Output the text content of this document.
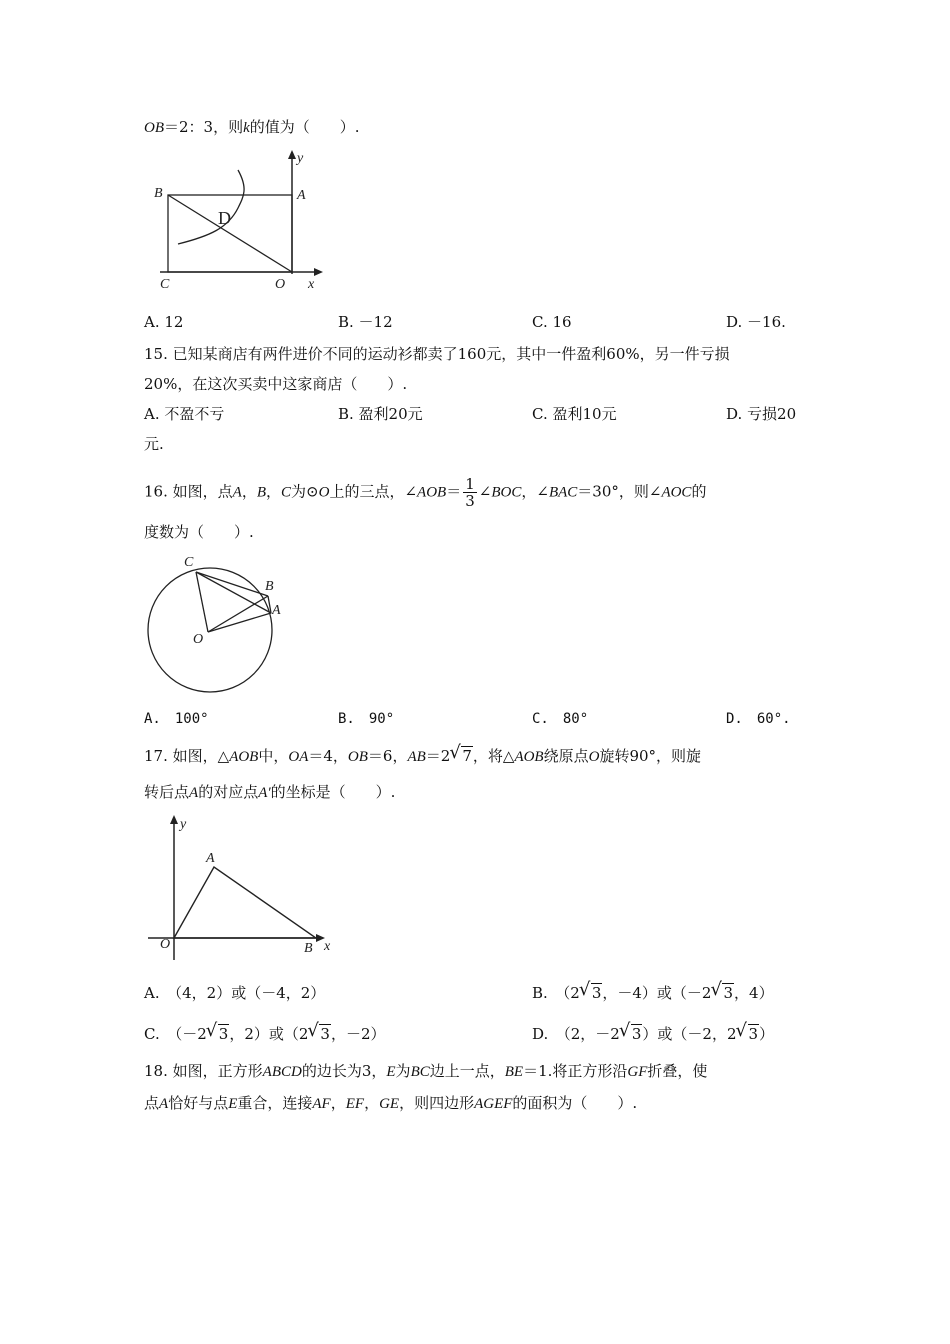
OB＝2：3，则k的值为（　　）.
B	A
D
C	O x
y
A. 12	B. －12	C. 16	D. －16.
15. 已知某商店有两件进价不同的运动衫都卖了160元，其中一件盈利60%，另一件亏损
20%，在这次买卖中这家商店（　　）.
A. 不盈不亏	B. 盈利20元	C. 盈利10元	D. 亏损20
元.
16. 如图，点A，B，C为⊙O上的三点，∠AOB＝ $\frac{1}{3}$ ∠BOC，∠BAC＝30°，则∠AOC的
度数为（　　）.
C
B
A
O
A.　100°	B.　90°	C.　80°	D.　60°.
17. 如图，△AOB中，OA＝4，OB＝6，AB＝2 √ 7，将△AOB绕原点O旋转90°，则旋
转后点A的对应点A′的坐标是（　　）.
y
A
O	B x
A.　（4，2）或（－4，2）	B.　（2 √ 3，－4）或（－2 √ 3，4）
C.　（－2 √ 3，2）或（2 √ 3，－2）	D.　（2，－2 √ 3）或（－2，2 √ 3）
18. 如图，正方形ABCD的边长为3，E为BC边上一点，BE＝1.将正方形沿GF折叠，使
点A恰好与点E重合，连接AF，EF，GE，则四边形AGEF的面积为（　　）.
